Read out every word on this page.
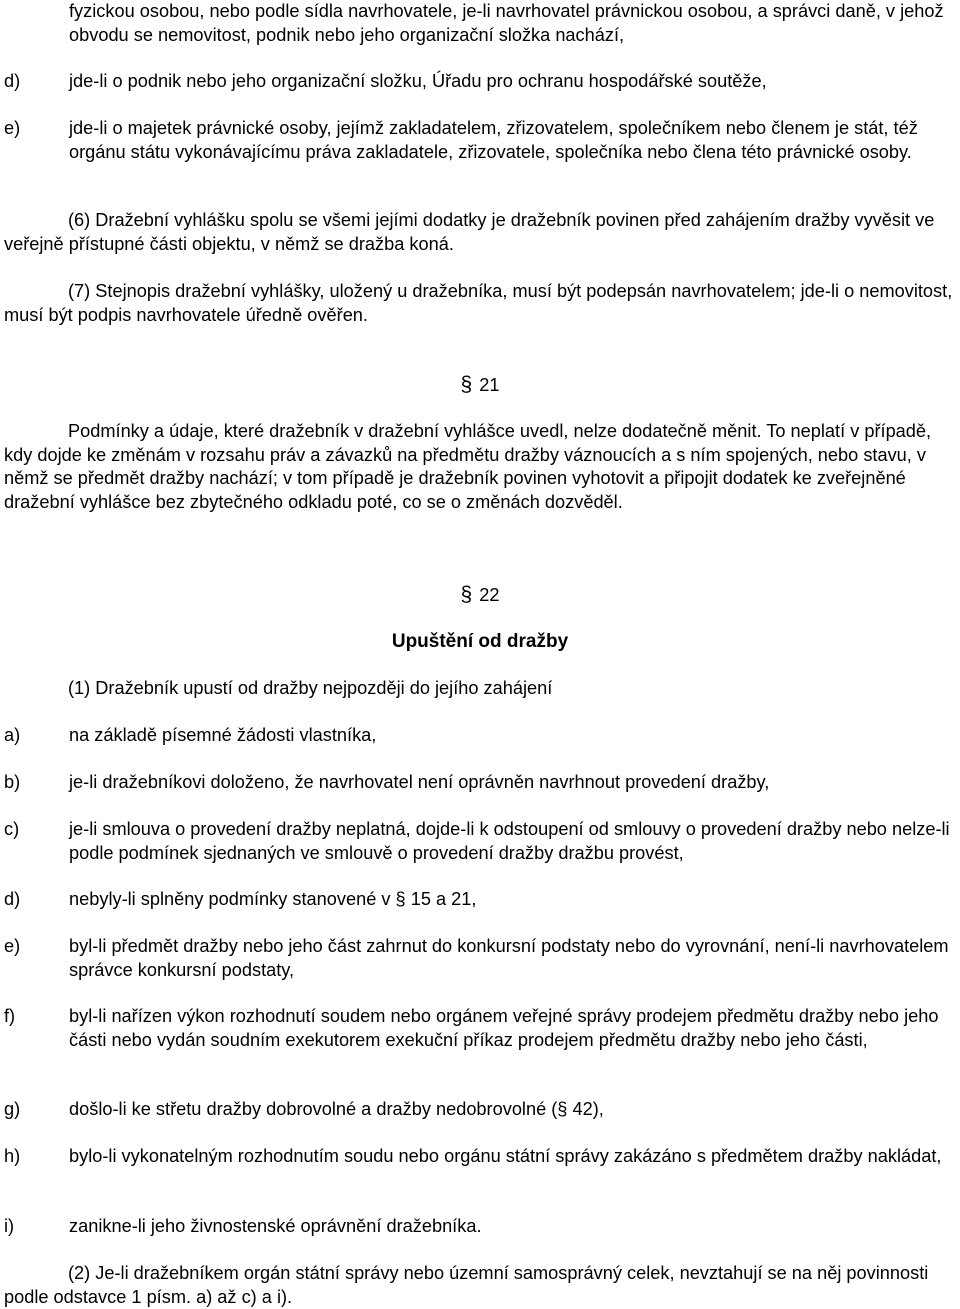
fyzickou osobou, nebo podle sídla navrhovatele, je-li navrhovatel právnickou osobou, a správci daně, v jehož obvodu se nemovitost, podnik nebo jeho organizační složka nachází,

d)	jde-li o podnik nebo jeho organizační složku, Úřadu pro ochranu hospodářské soutěže,

e)	jde-li o majetek právnické osoby, jejímž zakladatelem, zřizovatelem, společníkem nebo členem je stát, též orgánu státu vykonávajícímu práva zakladatele, zřizovatele, společníka nebo člena této právnické osoby.

(6) Dražební vyhlášku spolu se všemi jejími dodatky je dražebník povinen před zahájením dražby vyvěsit ve veřejně přístupné části objektu, v němž se dražba koná.

(7) Stejnopis dražební vyhlášky, uložený u dražebníka, musí být podepsán navrhovatelem; jde-li o nemovitost, musí být podpis navrhovatele úředně ověřen.

§ 21

Podmínky a údaje, které dražebník v dražební vyhlášce uvedl, nelze dodatečně měnit. To neplatí v případě, kdy dojde ke změnám v rozsahu práv a závazků na předmětu dražby váznoucích a s ním spojených, nebo stavu, v němž se předmět dražby nachází; v tom případě je dražebník povinen vyhotovit a připojit dodatek ke zveřejněné dražební vyhlášce bez zbytečného odkladu poté, co se o změnách dozvěděl.

§ 22
Upuštění od dražby

(1) Dražebník upustí od dražby nejpozději do jejího zahájení

a)	na základě písemné žádosti vlastníka,

b)	je-li dražebníkovi doloženo, že navrhovatel není oprávněn navrhnout provedení dražby,

c)	je-li smlouva o provedení dražby neplatná, dojde-li k odstoupení od smlouvy o provedení dražby nebo nelze-li podle podmínek sjednaných ve smlouvě o provedení dražby dražbu provést,

d)	nebyly-li splněny podmínky stanovené v § 15 a 21,

e)	byl-li předmět dražby nebo jeho část zahrnut do konkursní podstaty nebo do vyrovnání, není-li navrhovatelem správce konkursní podstaty,

f)	byl-li nařízen výkon rozhodnutí soudem nebo orgánem veřejné správy prodejem předmětu dražby nebo jeho části nebo vydán soudním exekutorem exekuční příkaz prodejem předmětu dražby nebo jeho části,

g)	došlo-li ke střetu dražby dobrovolné a dražby nedobrovolné (§ 42),

h)	bylo-li vykonatelným rozhodnutím soudu nebo orgánu státní správy zakázáno s předmětem dražby nakládat,

i)	zanikne-li jeho živnostenské oprávnění dražebníka.

(2) Je-li dražebníkem orgán státní správy nebo územní samosprávný celek, nevztahují se na něj povinnosti podle odstavce 1 písm. a) až c) a i).
